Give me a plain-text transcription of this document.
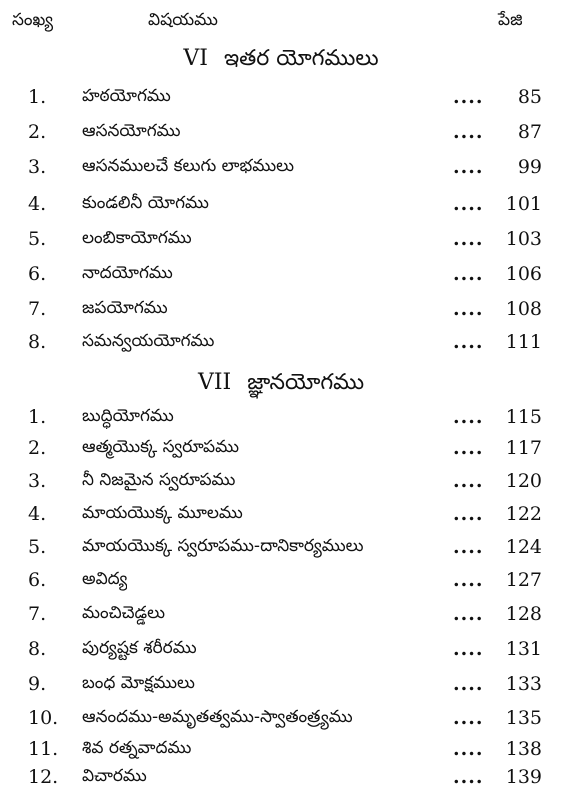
సంఖ్య	విషయము	పేజి
VI ఇతర యోగములు
1. హఠయోగము	.... 85
2. ఆసనయోగము	.... 87
3. ఆసనములచే కలుగు లాభములు	.... 99
4. కుండలినీ యోగము	.... 101
5. లంబికాయోగము	.... 103
6. నాదయోగము	.... 106
7. జపయోగము	.... 108
8. సమన్వయయోగము	.... 111
VII జ్ఞానయోగము
1. బుద్ధియోగము	.... 115
2. ఆత్మయొక్క స్వరూపము	.... 117
3. నీ నిజమైన స్వరూపము	.... 120
4. మాయయొక్క మూలము	.... 122
5. మాయయొక్క స్వరూపము-దానికార్యములు	.... 124
6. అవిద్య	.... 127
7. మంచిచెడ్డలు	.... 128
8. పుర్యష్టక శరీరము	.... 131
9. బంధ మోక్షములు	.... 133
10. ఆనందము-అమృతత్వము-స్వాతంత్ర్యము	.... 135
11. శివ రత్నవాదము	.... 138
12. విచారము	.... 139
